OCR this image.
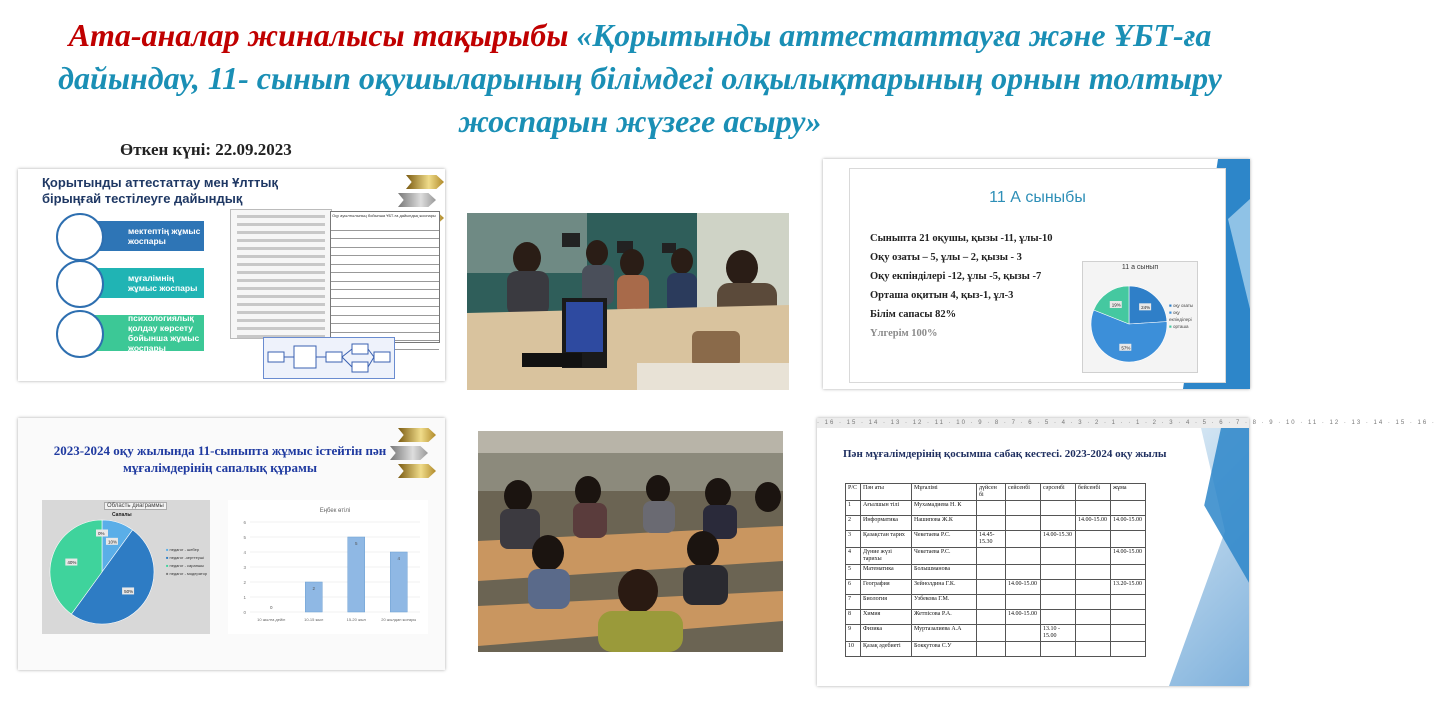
Ата-аналар жиналысы тақырыбы «Қорытынды аттестаттауға және ҰБТ-ға дайындау, 11- сынып оқушыларының білімдегі олқылықтарының орнын толтыру жоспарын жүзеге асыру»
Өткен күні: 22.09.2023
Қорытынды аттестаттау мен Ұлттық бірыңғай тестілеуге дайындық
мектептің жұмыс жоспары
мұғалімнің жұмыс жоспары
психологиялық қолдау көрсету бойынша жұмыс жоспары
Оқу ауылтылының бойынша ҰБТ-ға дайындық жоспары
11 А сыныбы
Сыныпта 21 оқушы, қызы -11, ұлы-10
Оқу озаты – 5, ұлы – 2, қызы - 3
Оқу екпінділері -12, ұлы -5, қызы -7
Орташа оқитын 4, қыз-1, ұл-3
Білім сапасы 82%
Үлгерім 100%
11 а сынып
24%
57%
19%	■ оқу озаты
■ оқу екпінділері
■ орташа
2023-2024 оқу жылында 11-сыныпта жұмыс істейтін пән мұғалімдерінің сапалық құрамы
Область диаграммы
Сапалы
10%
50%
40%
0%
■ педагог - шебер
■ педагог -зерттеуші
■ педагог - сарапшы
■ педагог - модератор
Еңбек өтілі
0
1
2
3
4
5
6
0
10 жылға дейін
2
10-15 жыл
5
15-20 жыл
4
20 жылдан жоғары
· 16 · 15 · 14 · 13 · 12 · 11 · 10 · 9 · 8 · 7 · 6 · 5 · 4 · 3 · 2 · 1 · · 1 · 2 · 3 · 4 · 5 · 6 · 7 · 8 · 9 · 10 · 11 · 12 · 13 · 14 · 15 · 16 ·
Пән мұғалімдерінің қосымша сабақ кестесі. 2023-2024 оқу жылы
Р/С	Пән аты	Мұғалімі	дүйсен бі	сейсенбі	сәрсенбі	бейсенбі	жұма
1	Ағылшын тілі	Мухамадиева Н. К					
2	Информатика	Нашипова Ж.К				14.00-15.00	14.00-15.00
3	Қазақстан тарих	Чекетаева Р.С.	14.45-15.30		14.00-15.30		
4	Дүние жүзі тарихы	Чекетаева Р.С.					14.00-15.00
5	Математика	Болышманова					
6	География	Зейнолдина Г.К.		14.00-15.00			13.20-15.00
7	Биология	Узбекова Г.М.					
8	Химия	Жетпісова Р.А.		14.00-15.00			
9	Физика	Муртазалиева А.А			13.10 - 15.00		
10	Қазақ әдебиеті	Бокқутова С.У					
